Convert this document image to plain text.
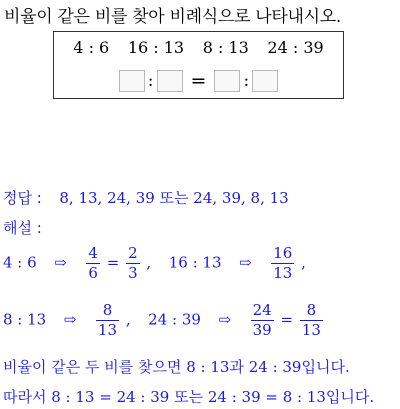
비율이 같은 비를 찾아 비례식으로 나타내시오.
4 : 6 16 : 13 8 : 13 24 : 39
: = :
정답 : 8, 13, 24, 39 또는 24, 39, 8, 13
해설 :
4 : 6 ⇨ $\frac{4}{6} = \frac{2}{3}$ , 16 : 13 ⇨ $\frac{16}{13}$ ,
8 : 13 ⇨ $\frac{8}{13}$ , 24 : 39 ⇨ $\frac{24}{39} = \frac{8}{13}$
비율이 같은 두 비를 찾으면 8 : 13과 24 : 39입니다.
따라서 8 : 13 = 24 : 39 또는 24 : 39 = 8 : 13입니다.
